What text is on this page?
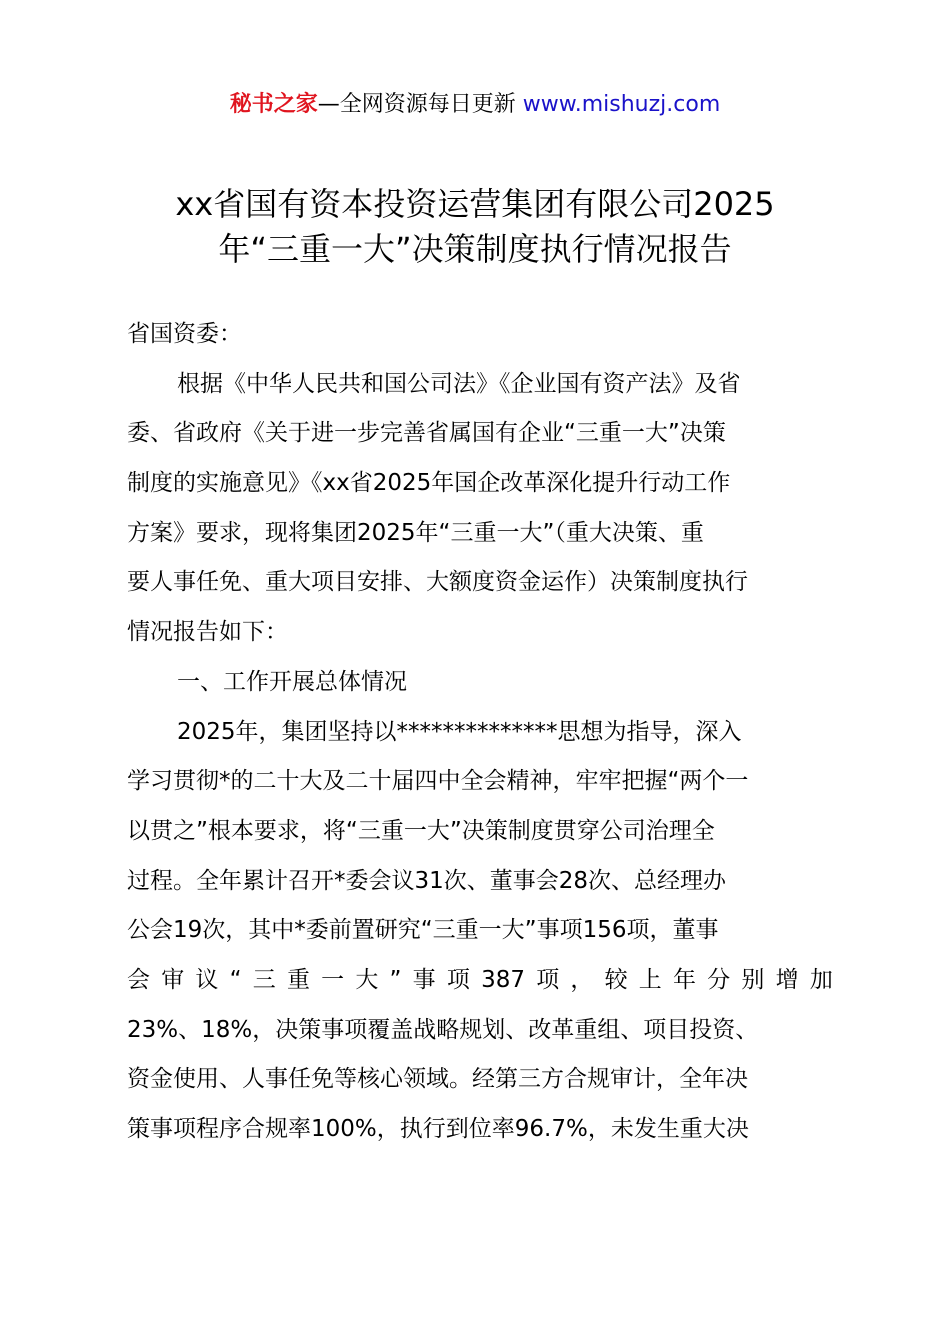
秘书之家—全网资源每日更新 www.mishuzj.com
xx省国有资本投资运营集团有限公司2025
年“三重一大”决策制度执行情况报告
省国资委：
根据《中华人民共和国公司法》《企业国有资产法》及省
委、省政府《关于进一步完善省属国有企业“三重一大”决策
制度的实施意见》《xx省2025年国企改革深化提升行动工作
方案》要求，现将集团2025年“三重一大”（重大决策、重
要人事任免、重大项目安排、大额度资金运作）决策制度执行
情况报告如下：
一、工作开展总体情况
2025年，集团坚持以**************思想为指导，深入
学习贯彻*的二十大及二十届四中全会精神，牢牢把握“两个一
以贯之”根本要求，将“三重一大”决策制度贯穿公司治理全
过程。全年累计召开*委会议31次、董事会28次、总经理办
公会19次，其中*委前置研究“三重一大”事项156项，董事
会 审 议 “ 三 重 一 大 ” 事 项 387 项 ， 较 上 年 分 别 增 加
23%、18%，决策事项覆盖战略规划、改革重组、项目投资、
资金使用、人事任免等核心领域。经第三方合规审计，全年决
策事项程序合规率100%，执行到位率96.7%，未发生重大决
